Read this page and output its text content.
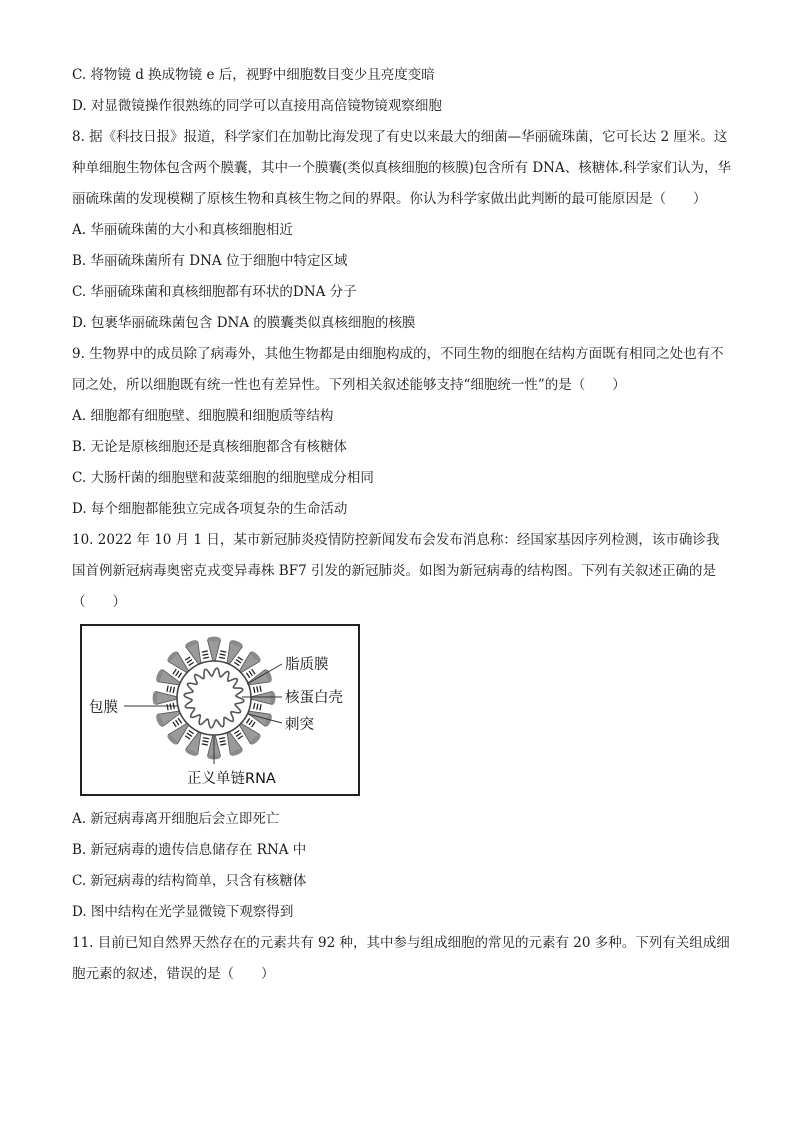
C. 将物镜 d 换成物镜 e 后，视野中细胞数目变少且亮度变暗
D. 对显微镜操作很熟练的同学可以直接用高倍镜物镜观察细胞
8. 据《科技日报》报道，科学家们在加勒比海发现了有史以来最大的细菌—华丽硫珠菌，它可长达 2 厘米。这种单细胞生物体包含两个膜囊，其中一个膜囊(类似真核细胞的核膜)包含所有 DNA、核糖体.科学家们认为，华丽硫珠菌的发现模糊了原核生物和真核生物之间的界限。你认为科学家做出此判断的最可能原因是（　　）
A. 华丽硫珠菌的大小和真核细胞相近
B. 华丽硫珠菌所有 DNA 位于细胞中特定区域
C. 华丽硫珠菌和真核细胞都有环状的DNA 分子
D. 包裹华丽硫珠菌包含 DNA 的膜囊类似真核细胞的核膜
9. 生物界中的成员除了病毒外，其他生物都是由细胞构成的，不同生物的细胞在结构方面既有相同之处也有不同之处，所以细胞既有统一性也有差异性。下列相关叙述能够支持“细胞统一性”的是（　　）
A. 细胞都有细胞壁、细胞膜和细胞质等结构
B. 无论是原核细胞还是真核细胞都含有核糖体
C. 大肠杆菌的细胞壁和菠菜细胞的细胞壁成分相同
D. 每个细胞都能独立完成各项复杂的生命活动
10. 2022 年 10 月 1 日，某市新冠肺炎疫情防控新闻发布会发布消息称：经国家基因序列检测，该市确诊我国首例新冠病毒奥密克戎变异毒株 BF7 引发的新冠肺炎。如图为新冠病毒的结构图。下列有关叙述正确的是（　　）
脂质膜
核蛋白壳
包膜
刺突
正义单链RNA
A. 新冠病毒离开细胞后会立即死亡
B. 新冠病毒的遗传信息储存在 RNA 中
C. 新冠病毒的结构简单，只含有核糖体
D. 图中结构在光学显微镜下观察得到
11. 目前已知自然界天然存在的元素共有 92 种，其中参与组成细胞的常见的元素有 20 多种。下列有关组成细胞元素的叙述，错误的是（　　）
